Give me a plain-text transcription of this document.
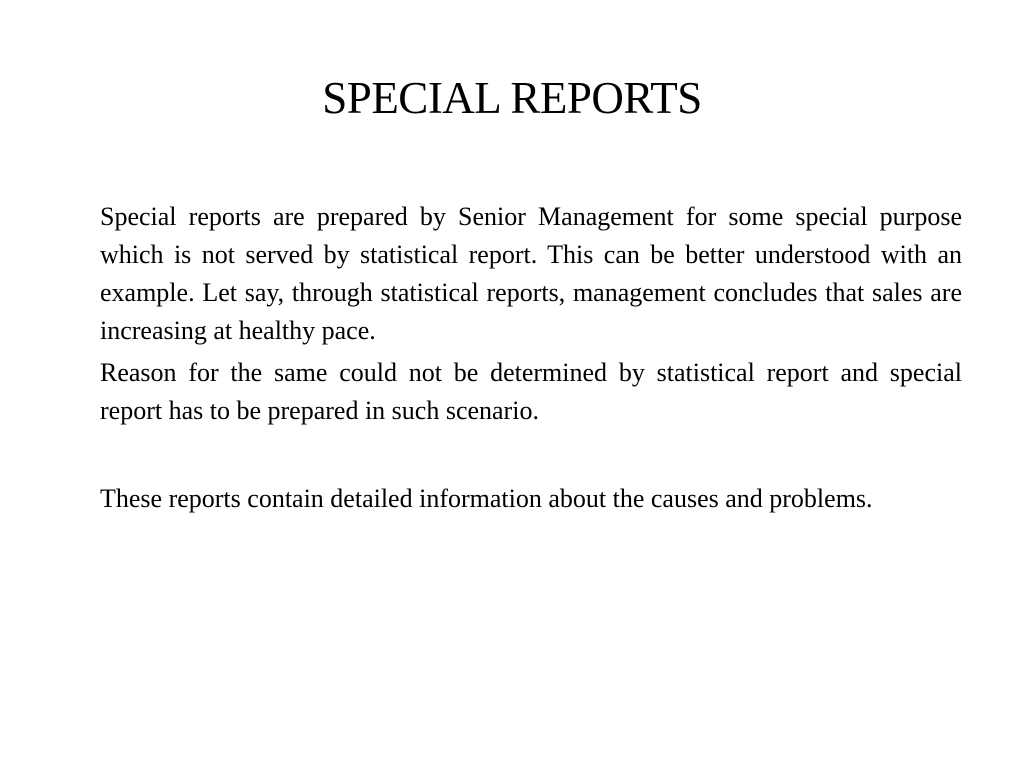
SPECIAL REPORTS

Special reports are prepared by Senior Management for some special purpose which is not served by statistical report. This can be better understood with an example. Let say, through statistical reports, management concludes that sales are increasing at healthy pace.

Reason for the same could not be determined by statistical report and special report has to be prepared in such scenario.

These reports contain detailed information about the causes and problems.
